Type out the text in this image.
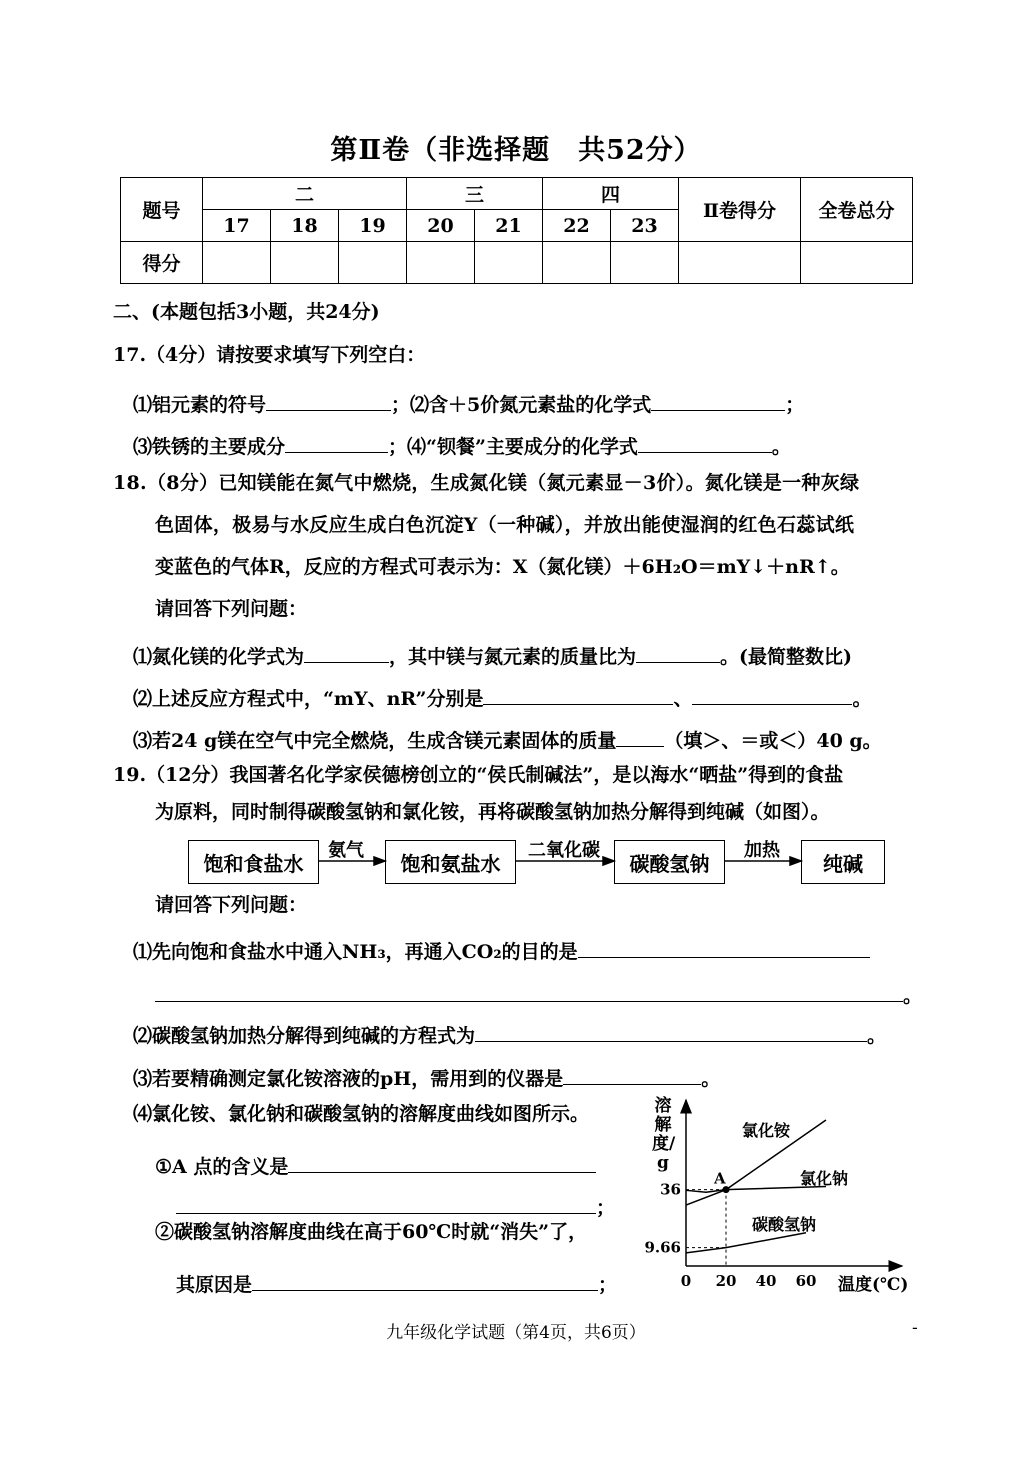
第Ⅱ卷（非选择题　共52分）
题号	二			三		四		Ⅱ卷得分	全卷总分
	17	18	19	20	21	22	23		
得分									
二、(本题包括3小题，共24分)
17.（4分）请按要求填写下列空白：
⑴铝元素的符号	；⑵含＋5价氮元素盐的化学式	；
⑶铁锈的主要成分	；⑷“钡餐”主要成分的化学式	。
18.（8分）已知镁能在氮气中燃烧，生成氮化镁（氮元素显－3价）。氮化镁是一种灰绿
色固体，极易与水反应生成白色沉淀Y（一种碱），并放出能使湿润的红色石蕊试纸
变蓝色的气体R，反应的方程式可表示为：X（氮化镁）＋6H₂O＝mY↓＋nR↑。
请回答下列问题：
⑴氮化镁的化学式为	，其中镁与氮元素的质量比为	。(最简整数比)
⑵上述反应方程式中，“mY、nR”分别是	、	。
⑶若24 g镁在空气中完全燃烧，生成含镁元素固体的质量	（填＞、＝或＜）40 g。
19.（12分）我国著名化学家侯德榜创立的“侯氏制碱法”，是以海水“晒盐”得到的食盐
为原料，同时制得碳酸氢钠和氯化铵，再将碳酸氢钠加热分解得到纯碱（如图）。
饱和食盐水	饱和氨盐水	碳酸氢钠	纯碱
氨气	二氧化碳	加热
请回答下列问题：
⑴先向饱和食盐水中通入NH₃，再通入CO₂的目的是
。
⑵碳酸氢钠加热分解得到纯碱的方程式为	。
⑶若要精确测定氯化铵溶液的pH，需用到的仪器是	。
⑷氯化铵、氯化钠和碳酸氢钠的溶解度曲线如图所示。
①A 点的含义是
；
②碳酸氢钠溶解度曲线在高于60℃时就“消失”了，
其原因是	；	0 20 40 60
9.66
36
氯化铵
氯化钠
碳酸氢钠
A
溶解度/g
温度(℃)
九年级化学试题（第4页，共6页）	-
